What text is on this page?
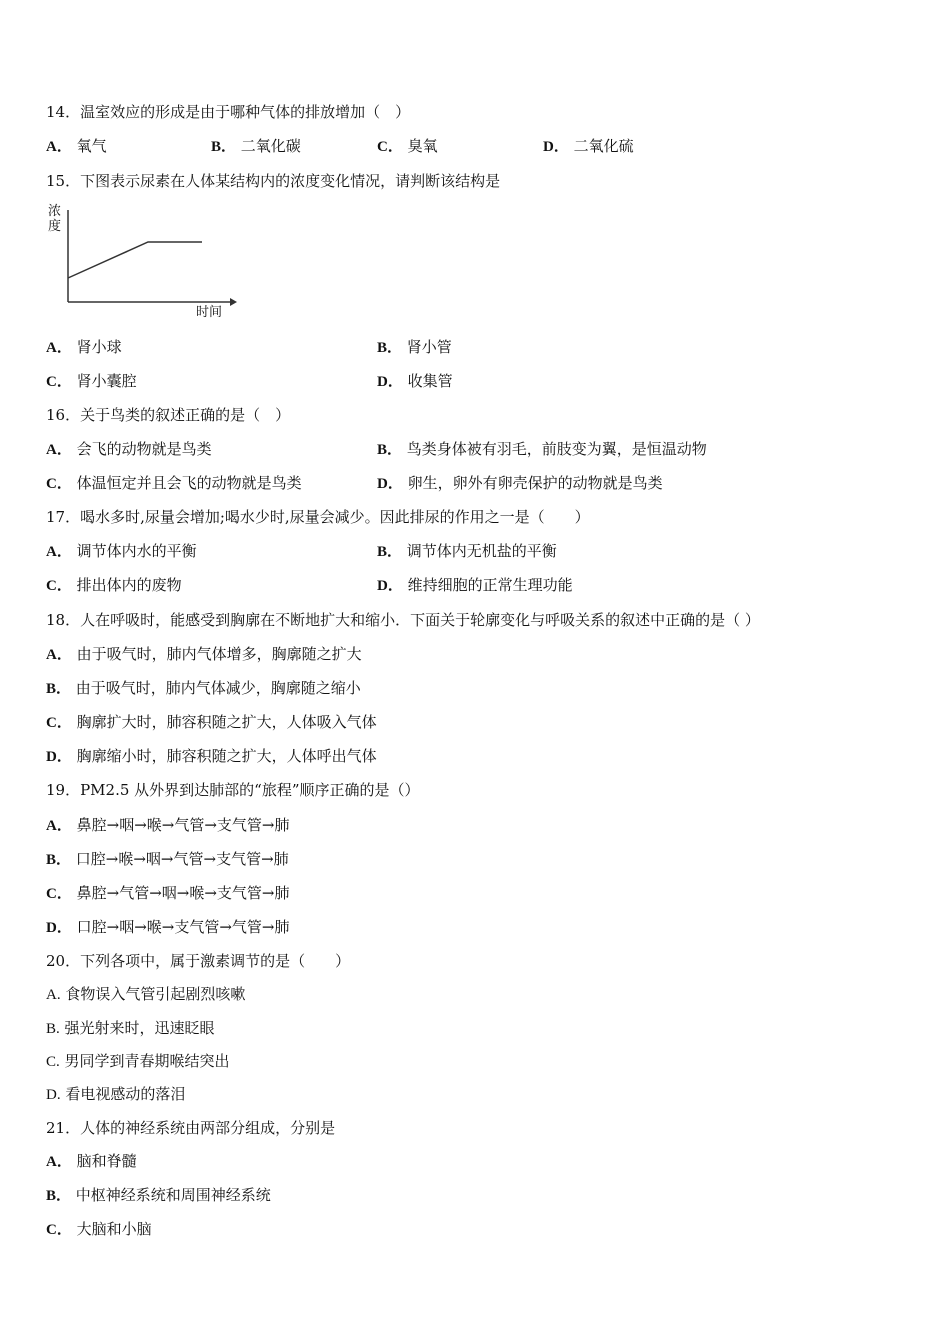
14．温室效应的形成是由于哪种气体的排放增加（　）
A． 氧气	B． 二氧化碳	C． 臭氧	D． 二氧化硫
15．下图表示尿素在人体某结构内的浓度变化情况，请判断该结构是
浓度
时间
A． 肾小球	B． 肾小管
C． 肾小囊腔	D． 收集管
16．关于鸟类的叙述正确的是（　）
A． 会飞的动物就是鸟类	B． 鸟类身体被有羽毛，前肢变为翼，是恒温动物
C． 体温恒定并且会飞的动物就是鸟类	D． 卵生，卵外有卵壳保护的动物就是鸟类
17．喝水多时,尿量会增加;喝水少时,尿量会减少。因此排尿的作用之一是（　　）
A． 调节体内水的平衡	B． 调节体内无机盐的平衡
C． 排出体内的废物	D． 维持细胞的正常生理功能
18．人在呼吸时，能感受到胸廓在不断地扩大和缩小．下面关于轮廓变化与呼吸关系的叙述中正确的是（ ）
A． 由于吸气时，肺内气体增多，胸廓随之扩大
B． 由于吸气时，肺内气体减少，胸廓随之缩小
C． 胸廓扩大时，肺容积随之扩大，人体吸入气体
D． 胸廓缩小时，肺容积随之扩大，人体呼出气体
19．PM2.5 从外界到达肺部的“旅程”顺序正确的是（）
A． 鼻腔→咽→喉→气管→支气管→肺
B． 口腔→喉→咽→气管→支气管→肺
C． 鼻腔→气管→咽→喉→支气管→肺
D． 口腔→咽→喉→支气管→气管→肺
20．下列各项中，属于激素调节的是（　　）
A. 食物误入气管引起剧烈咳嗽
B. 强光射来时，迅速眨眼
C. 男同学到青春期喉结突出
D. 看电视感动的落泪
21．人体的神经系统由两部分组成，分别是
A． 脑和脊髓
B． 中枢神经系统和周围神经系统
C． 大脑和小脑
